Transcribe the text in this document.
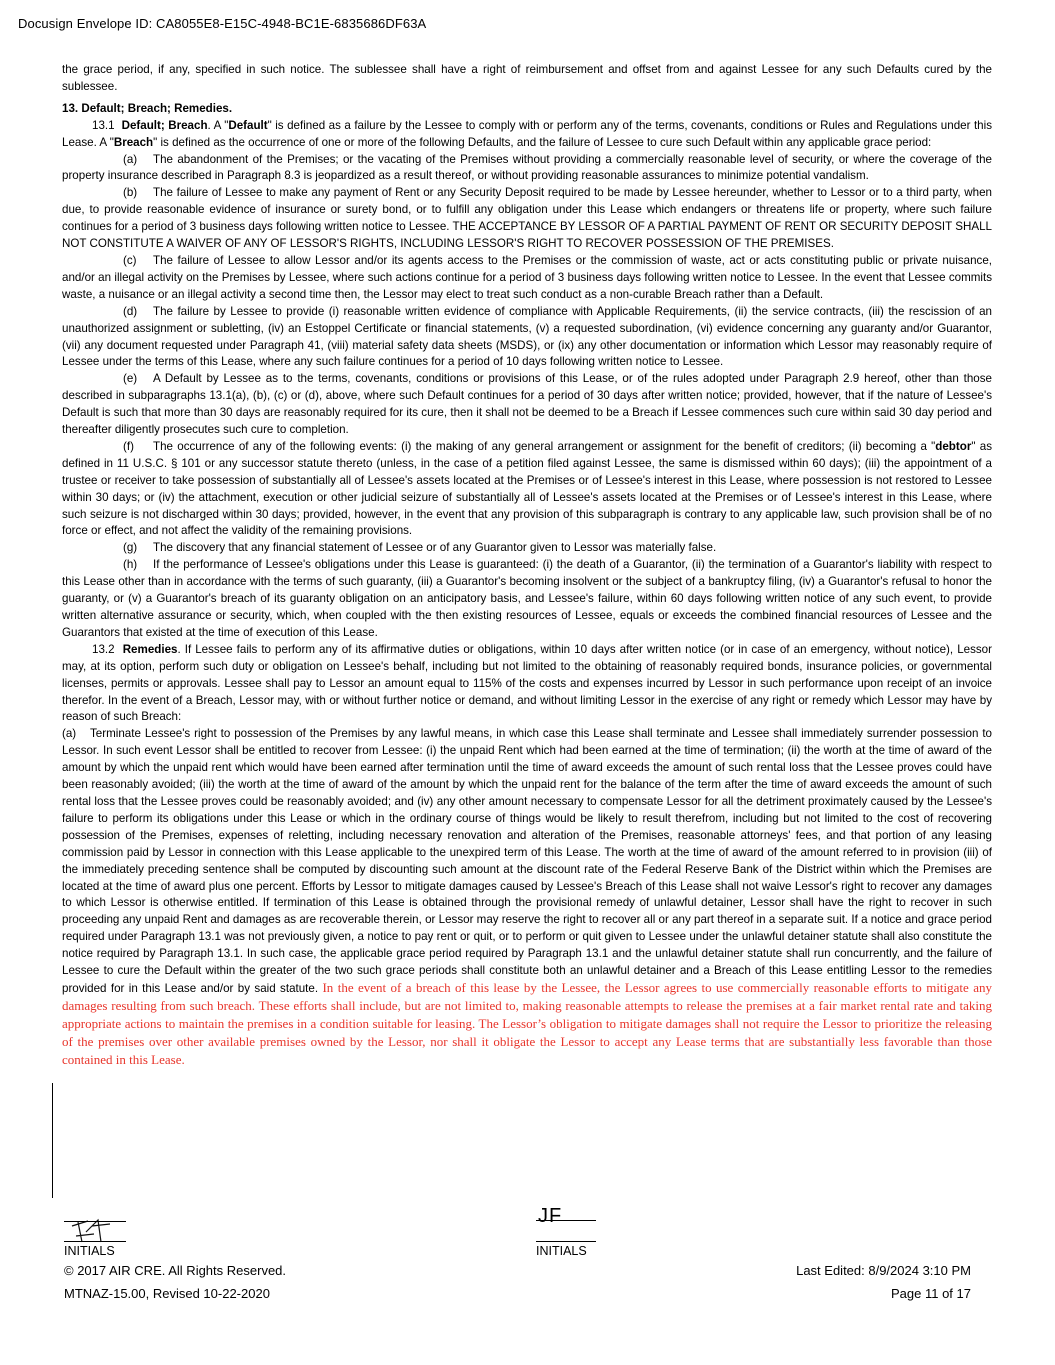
Docusign Envelope ID: CA8055E8-E15C-4948-BC1E-6835686DF63A

the grace period, if any, specified in such notice. The sublessee shall have a right of reimbursement and offset from and against Lessee for any such Defaults cured by the sublessee.

13. Default; Breach; Remedies.

13.1 Default; Breach. A "Default" is defined as a failure by the Lessee to comply with or perform any of the terms, covenants, conditions or Rules and Regulations under this Lease. A "Breach" is defined as the occurrence of one or more of the following Defaults, and the failure of Lessee to cure such Default within any applicable grace period:

(a) The abandonment of the Premises; or the vacating of the Premises without providing a commercially reasonable level of security, or where the coverage of the property insurance described in Paragraph 8.3 is jeopardized as a result thereof, or without providing reasonable assurances to minimize potential vandalism.

(b) The failure of Lessee to make any payment of Rent or any Security Deposit required to be made by Lessee hereunder, whether to Lessor or to a third party, when due, to provide reasonable evidence of insurance or surety bond, or to fulfill any obligation under this Lease which endangers or threatens life or property, where such failure continues for a period of 3 business days following written notice to Lessee. THE ACCEPTANCE BY LESSOR OF A PARTIAL PAYMENT OF RENT OR SECURITY DEPOSIT SHALL NOT CONSTITUTE A WAIVER OF ANY OF LESSOR'S RIGHTS, INCLUDING LESSOR'S RIGHT TO RECOVER POSSESSION OF THE PREMISES.

(c) The failure of Lessee to allow Lessor and/or its agents access to the Premises or the commission of waste, act or acts constituting public or private nuisance, and/or an illegal activity on the Premises by Lessee, where such actions continue for a period of 3 business days following written notice to Lessee. In the event that Lessee commits waste, a nuisance or an illegal activity a second time then, the Lessor may elect to treat such conduct as a non-curable Breach rather than a Default.

(d) The failure by Lessee to provide (i) reasonable written evidence of compliance with Applicable Requirements, (ii) the service contracts, (iii) the rescission of an unauthorized assignment or subletting, (iv) an Estoppel Certificate or financial statements, (v) a requested subordination, (vi) evidence concerning any guaranty and/or Guarantor, (vii) any document requested under Paragraph 41, (viii) material safety data sheets (MSDS), or (ix) any other documentation or information which Lessor may reasonably require of Lessee under the terms of this Lease, where any such failure continues for a period of 10 days following written notice to Lessee.

(e) A Default by Lessee as to the terms, covenants, conditions or provisions of this Lease, or of the rules adopted under Paragraph 2.9 hereof, other than those described in subparagraphs 13.1(a), (b), (c) or (d), above, where such Default continues for a period of 30 days after written notice; provided, however, that if the nature of Lessee's Default is such that more than 30 days are reasonably required for its cure, then it shall not be deemed to be a Breach if Lessee commences such cure within said 30 day period and thereafter diligently prosecutes such cure to completion.

(f) The occurrence of any of the following events: (i) the making of any general arrangement or assignment for the benefit of creditors; (ii) becoming a "debtor" as defined in 11 U.S.C. § 101 or any successor statute thereto (unless, in the case of a petition filed against Lessee, the same is dismissed within 60 days); (iii) the appointment of a trustee or receiver to take possession of substantially all of Lessee's assets located at the Premises or of Lessee's interest in this Lease, where possession is not restored to Lessee within 30 days; or (iv) the attachment, execution or other judicial seizure of substantially all of Lessee's assets located at the Premises or of Lessee's interest in this Lease, where such seizure is not discharged within 30 days; provided, however, in the event that any provision of this subparagraph is contrary to any applicable law, such provision shall be of no force or effect, and not affect the validity of the remaining provisions.

(g) The discovery that any financial statement of Lessee or of any Guarantor given to Lessor was materially false.

(h) If the performance of Lessee's obligations under this Lease is guaranteed: (i) the death of a Guarantor, (ii) the termination of a Guarantor's liability with respect to this Lease other than in accordance with the terms of such guaranty, (iii) a Guarantor's becoming insolvent or the subject of a bankruptcy filing, (iv) a Guarantor's refusal to honor the guaranty, or (v) a Guarantor's breach of its guaranty obligation on an anticipatory basis, and Lessee's failure, within 60 days following written notice of any such event, to provide written alternative assurance or security, which, when coupled with the then existing resources of Lessee, equals or exceeds the combined financial resources of Lessee and the Guarantors that existed at the time of execution of this Lease.

13.2 Remedies. If Lessee fails to perform any of its affirmative duties or obligations, within 10 days after written notice (or in case of an emergency, without notice), Lessor may, at its option, perform such duty or obligation on Lessee's behalf, including but not limited to the obtaining of reasonably required bonds, insurance policies, or governmental licenses, permits or approvals. Lessee shall pay to Lessor an amount equal to 115% of the costs and expenses incurred by Lessor in such performance upon receipt of an invoice therefor. In the event of a Breach, Lessor may, with or without further notice or demand, and without limiting Lessor in the exercise of any right or remedy which Lessor may have by reason of such Breach:

(a) Terminate Lessee's right to possession of the Premises by any lawful means, in which case this Lease shall terminate and Lessee shall immediately surrender possession to Lessor. In such event Lessor shall be entitled to recover from Lessee: (i) the unpaid Rent which had been earned at the time of termination; (ii) the worth at the time of award of the amount by which the unpaid rent which would have been earned after termination until the time of award exceeds the amount of such rental loss that the Lessee proves could have been reasonably avoided; (iii) the worth at the time of award of the amount by which the unpaid rent for the balance of the term after the time of award exceeds the amount of such rental loss that the Lessee proves could be reasonably avoided; and (iv) any other amount necessary to compensate Lessor for all the detriment proximately caused by the Lessee's failure to perform its obligations under this Lease or which in the ordinary course of things would be likely to result therefrom, including but not limited to the cost of recovering possession of the Premises, expenses of reletting, including necessary renovation and alteration of the Premises, reasonable attorneys' fees, and that portion of any leasing commission paid by Lessor in connection with this Lease applicable to the unexpired term of this Lease. The worth at the time of award of the amount referred to in provision (iii) of the immediately preceding sentence shall be computed by discounting such amount at the discount rate of the Federal Reserve Bank of the District within which the Premises are located at the time of award plus one percent. Efforts by Lessor to mitigate damages caused by Lessee's Breach of this Lease shall not waive Lessor's right to recover any damages to which Lessor is otherwise entitled. If termination of this Lease is obtained through the provisional remedy of unlawful detainer, Lessor shall have the right to recover in such proceeding any unpaid Rent and damages as are recoverable therein, or Lessor may reserve the right to recover all or any part thereof in a separate suit. If a notice and grace period required under Paragraph 13.1 was not previously given, a notice to pay rent or quit, or to perform or quit given to Lessee under the unlawful detainer statute shall also constitute the notice required by Paragraph 13.1. In such case, the applicable grace period required by Paragraph 13.1 and the unlawful detainer statute shall run concurrently, and the failure of Lessee to cure the Default within the greater of the two such grace periods shall constitute both an unlawful detainer and a Breach of this Lease entitling Lessor to the remedies provided for in this Lease and/or by said statute. In the event of a breach of this lease by the Lessee, the Lessor agrees to use commercially reasonable efforts to mitigate any damages resulting from such breach. These efforts shall include, but are not limited to, making reasonable attempts to release the premises at a fair market rental rate and taking appropriate actions to maintain the premises in a condition suitable for leasing. The Lessor’s obligation to mitigate damages shall not require the Lessor to prioritize the releasing of the premises over other available premises owned by the Lessor, nor shall it obligate the Lessor to accept any Lease terms that are substantially less favorable than those contained in this Lease.

INITIALS
JF
INITIALS
© 2017 AIR CRE. All Rights Reserved.
MTNAZ-15.00, Revised 10-22-2020
Last Edited: 8/9/2024 3:10 PM
Page 11 of 17
